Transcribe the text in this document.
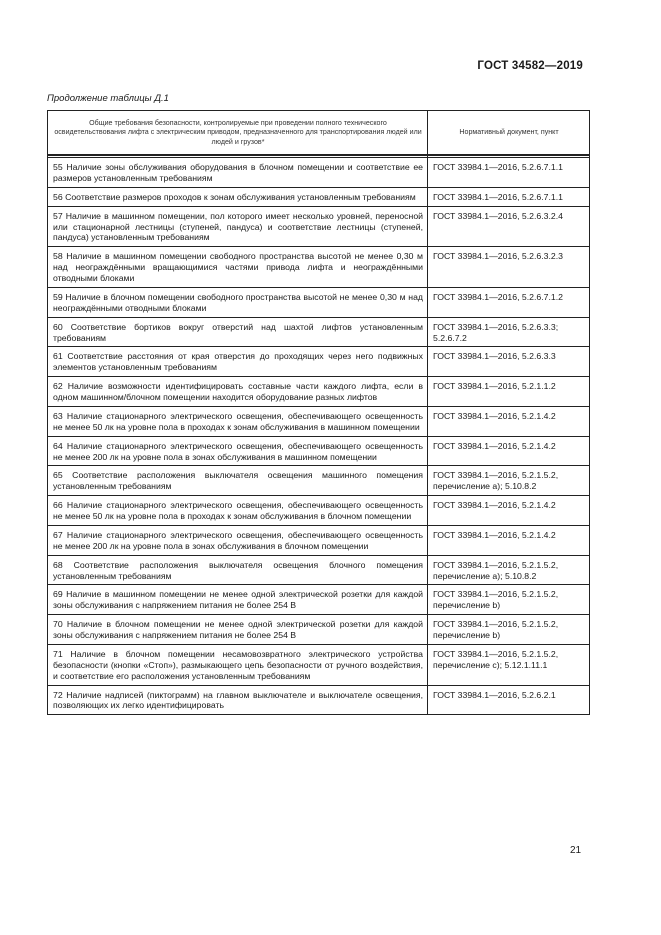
ГОСТ 34582—2019
Продолжение таблицы Д.1
Общие требования безопасности, контролируемые при проведении полного технического освидетельствования лифта с электрическим приводом, предназначенного для транспортирования людей или людей и грузов*	Нормативный документ, пункт

55 Наличие зоны обслуживания оборудования в блочном помещении и соответствие ее размеров установленным требованиям	ГОСТ 33984.1—2016, 5.2.6.7.1.1
56 Соответствие размеров проходов к зонам обслуживания установленным требованиям	ГОСТ 33984.1—2016, 5.2.6.7.1.1
57 Наличие в машинном помещении, пол которого имеет несколько уровней, переносной или стационарной лестницы (ступеней, пандуса) и соответствие лестницы (ступеней, пандуса) установленным требованиям	ГОСТ 33984.1—2016, 5.2.6.3.2.4
58 Наличие в машинном помещении свободного пространства высотой не менее 0,30 м над неограждёнными вращающимися частями привода лифта и неограждёнными отводными блоками	ГОСТ 33984.1—2016, 5.2.6.3.2.3
59 Наличие в блочном помещении свободного пространства высотой не менее 0,30 м над неограждёнными отводными блоками	ГОСТ 33984.1—2016, 5.2.6.7.1.2
60 Соответствие бортиков вокруг отверстий над шахтой лифтов установленным требованиям	ГОСТ 33984.1—2016, 5.2.6.3.3; 5.2.6.7.2
61 Соответствие расстояния от края отверстия до проходящих через него подвижных элементов установленным требованиям	ГОСТ 33984.1—2016, 5.2.6.3.3
62 Наличие возможности идентифицировать составные части каждого лифта, если в одном машинном/блочном помещении находится оборудование разных лифтов	ГОСТ 33984.1—2016, 5.2.1.1.2
63 Наличие стационарного электрического освещения, обеспечивающего освещенность не менее 50 лк на уровне пола в проходах к зонам обслуживания в машинном помещении	ГОСТ 33984.1—2016, 5.2.1.4.2
64 Наличие стационарного электрического освещения, обеспечивающего освещенность не менее 200 лк на уровне пола в зонах обслуживания в машинном помещении	ГОСТ 33984.1—2016, 5.2.1.4.2
65 Соответствие расположения выключателя освещения машинного помещения установленным требованиям	ГОСТ 33984.1—2016, 5.2.1.5.2, перечисление a); 5.10.8.2
66 Наличие стационарного электрического освещения, обеспечивающего освещенность не менее 50 лк на уровне пола в проходах к зонам обслуживания в блочном помещении	ГОСТ 33984.1—2016, 5.2.1.4.2
67 Наличие стационарного электрического освещения, обеспечивающего освещенность не менее 200 лк на уровне пола в зонах обслуживания в блочном помещении	ГОСТ 33984.1—2016, 5.2.1.4.2
68 Соответствие расположения выключателя освещения блочного помещения установленным требованиям	ГОСТ 33984.1—2016, 5.2.1.5.2, перечисление a); 5.10.8.2
69 Наличие в машинном помещении не менее одной электрической розетки для каждой зоны обслуживания с напряжением питания не более 254 В	ГОСТ 33984.1—2016, 5.2.1.5.2, перечисление b)
70 Наличие в блочном помещении не менее одной электрической розетки для каждой зоны обслуживания с напряжением питания не более 254 В	ГОСТ 33984.1—2016, 5.2.1.5.2, перечисление b)
71 Наличие в блочном помещении несамовозвратного электрического устройства безопасности (кнопки «Стоп»), размыкающего цепь безопасности от ручного воздействия, и соответствие его расположения установленным требованиям	ГОСТ 33984.1—2016, 5.2.1.5.2, перечисление c); 5.12.1.11.1
72 Наличие надписей (пиктограмм) на главном выключателе и выключателе освещения, позволяющих их легко идентифицировать	ГОСТ 33984.1—2016, 5.2.6.2.1
21
